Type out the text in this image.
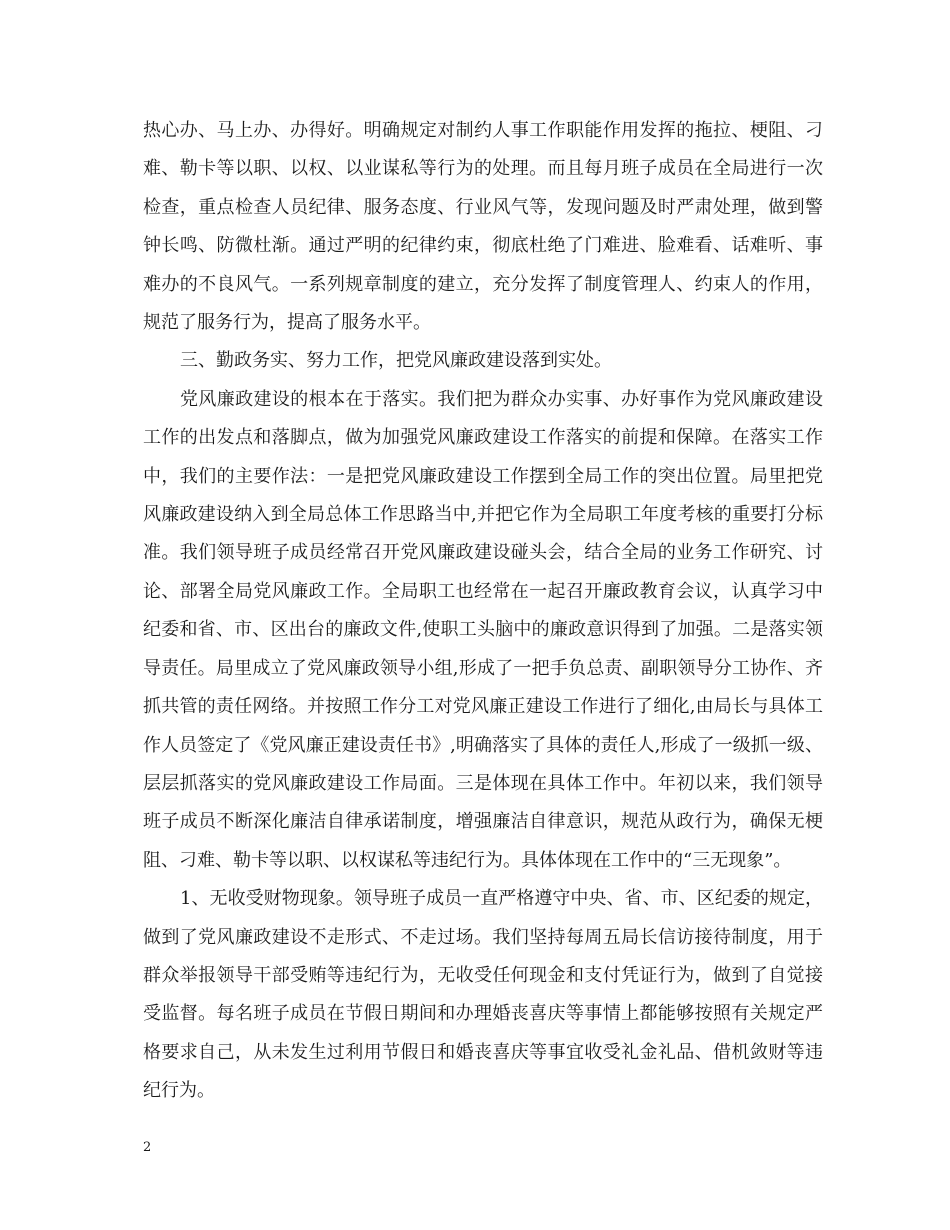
热心办、马上办、办得好。明确规定对制约人事工作职能作用发挥的拖拉、梗阻、刁难、勒卡等以职、以权、以业谋私等行为的处理。而且每月班子成员在全局进行一次检查，重点检查人员纪律、服务态度、行业风气等，发现问题及时严肃处理，做到警钟长鸣、防微杜渐。通过严明的纪律约束，彻底杜绝了门难进、脸难看、话难听、事难办的不良风气。一系列规章制度的建立，充分发挥了制度管理人、约束人的作用，规范了服务行为，提高了服务水平。

三、勤政务实、努力工作，把党风廉政建设落到实处。

党风廉政建设的根本在于落实。我们把为群众办实事、办好事作为党风廉政建设工作的出发点和落脚点，做为加强党风廉政建设工作落实的前提和保障。在落实工作中，我们的主要作法：一是把党风廉政建设工作摆到全局工作的突出位置。局里把党风廉政建设纳入到全局总体工作思路当中,并把它作为全局职工年度考核的重要打分标准。我们领导班子成员经常召开党风廉政建设碰头会，结合全局的业务工作研究、讨论、部署全局党风廉政工作。全局职工也经常在一起召开廉政教育会议，认真学习中纪委和省、市、区出台的廉政文件,使职工头脑中的廉政意识得到了加强。二是落实领导责任。局里成立了党风廉政领导小组,形成了一把手负总责、副职领导分工协作、齐抓共管的责任网络。并按照工作分工对党风廉正建设工作进行了细化,由局长与具体工作人员签定了《党风廉正建设责任书》,明确落实了具体的责任人,形成了一级抓一级、层层抓落实的党风廉政建设工作局面。三是体现在具体工作中。年初以来，我们领导班子成员不断深化廉洁自律承诺制度，增强廉洁自律意识，规范从政行为，确保无梗阻、刁难、勒卡等以职、以权谋私等违纪行为。具体体现在工作中的“三无现象”。

1、无收受财物现象。领导班子成员一直严格遵守中央、省、市、区纪委的规定，做到了党风廉政建设不走形式、不走过场。我们坚持每周五局长信访接待制度，用于群众举报领导干部受贿等违纪行为，无收受任何现金和支付凭证行为，做到了自觉接受监督。每名班子成员在节假日期间和办理婚丧喜庆等事情上都能够按照有关规定严格要求自己，从未发生过利用节假日和婚丧喜庆等事宜收受礼金礼品、借机敛财等违纪行为。

2
